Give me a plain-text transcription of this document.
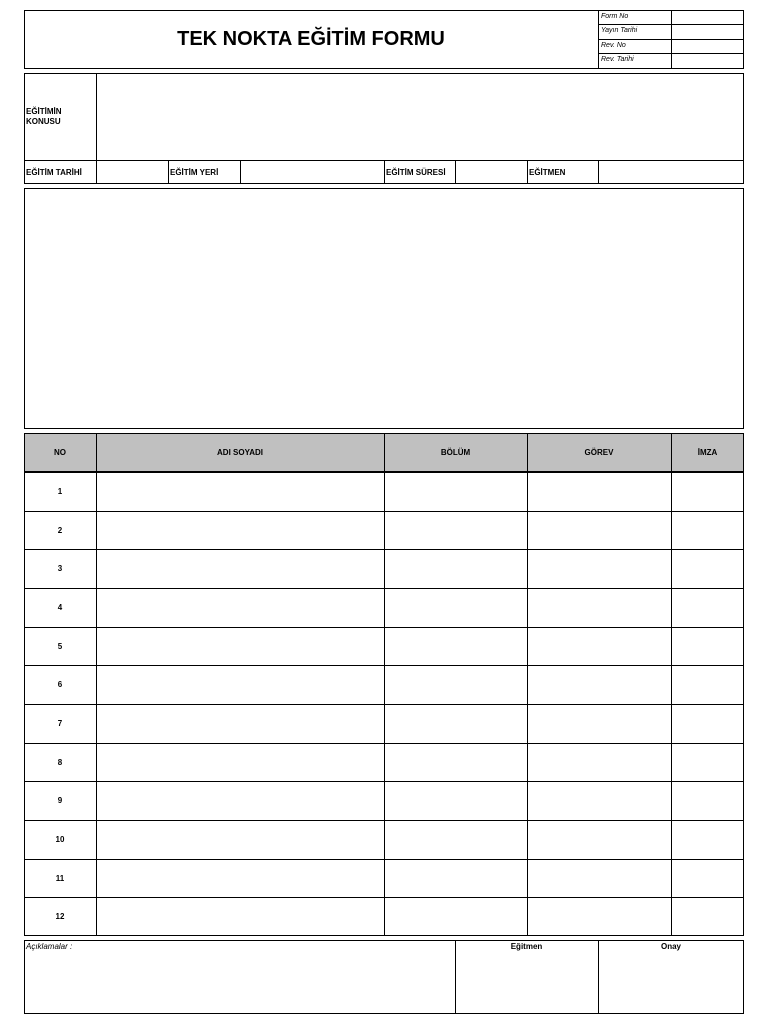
TEK NOKTA EĞİTİM FORMU
Form No
Yayın Tarihi
Rev. No
Rev. Tarihi
EĞİTİMİN KONUSU
EĞİTİM TARİHİ	EĞİTİM YERİ	EĞİTİM SÜRESİ	EĞİTMEN
NO	ADI SOYADI	BÖLÜM	GÖREV	İMZA
1
2
3
4
5
6
7
8
9
10
11
12
Açıklamalar :	Eğitmen	Onay
